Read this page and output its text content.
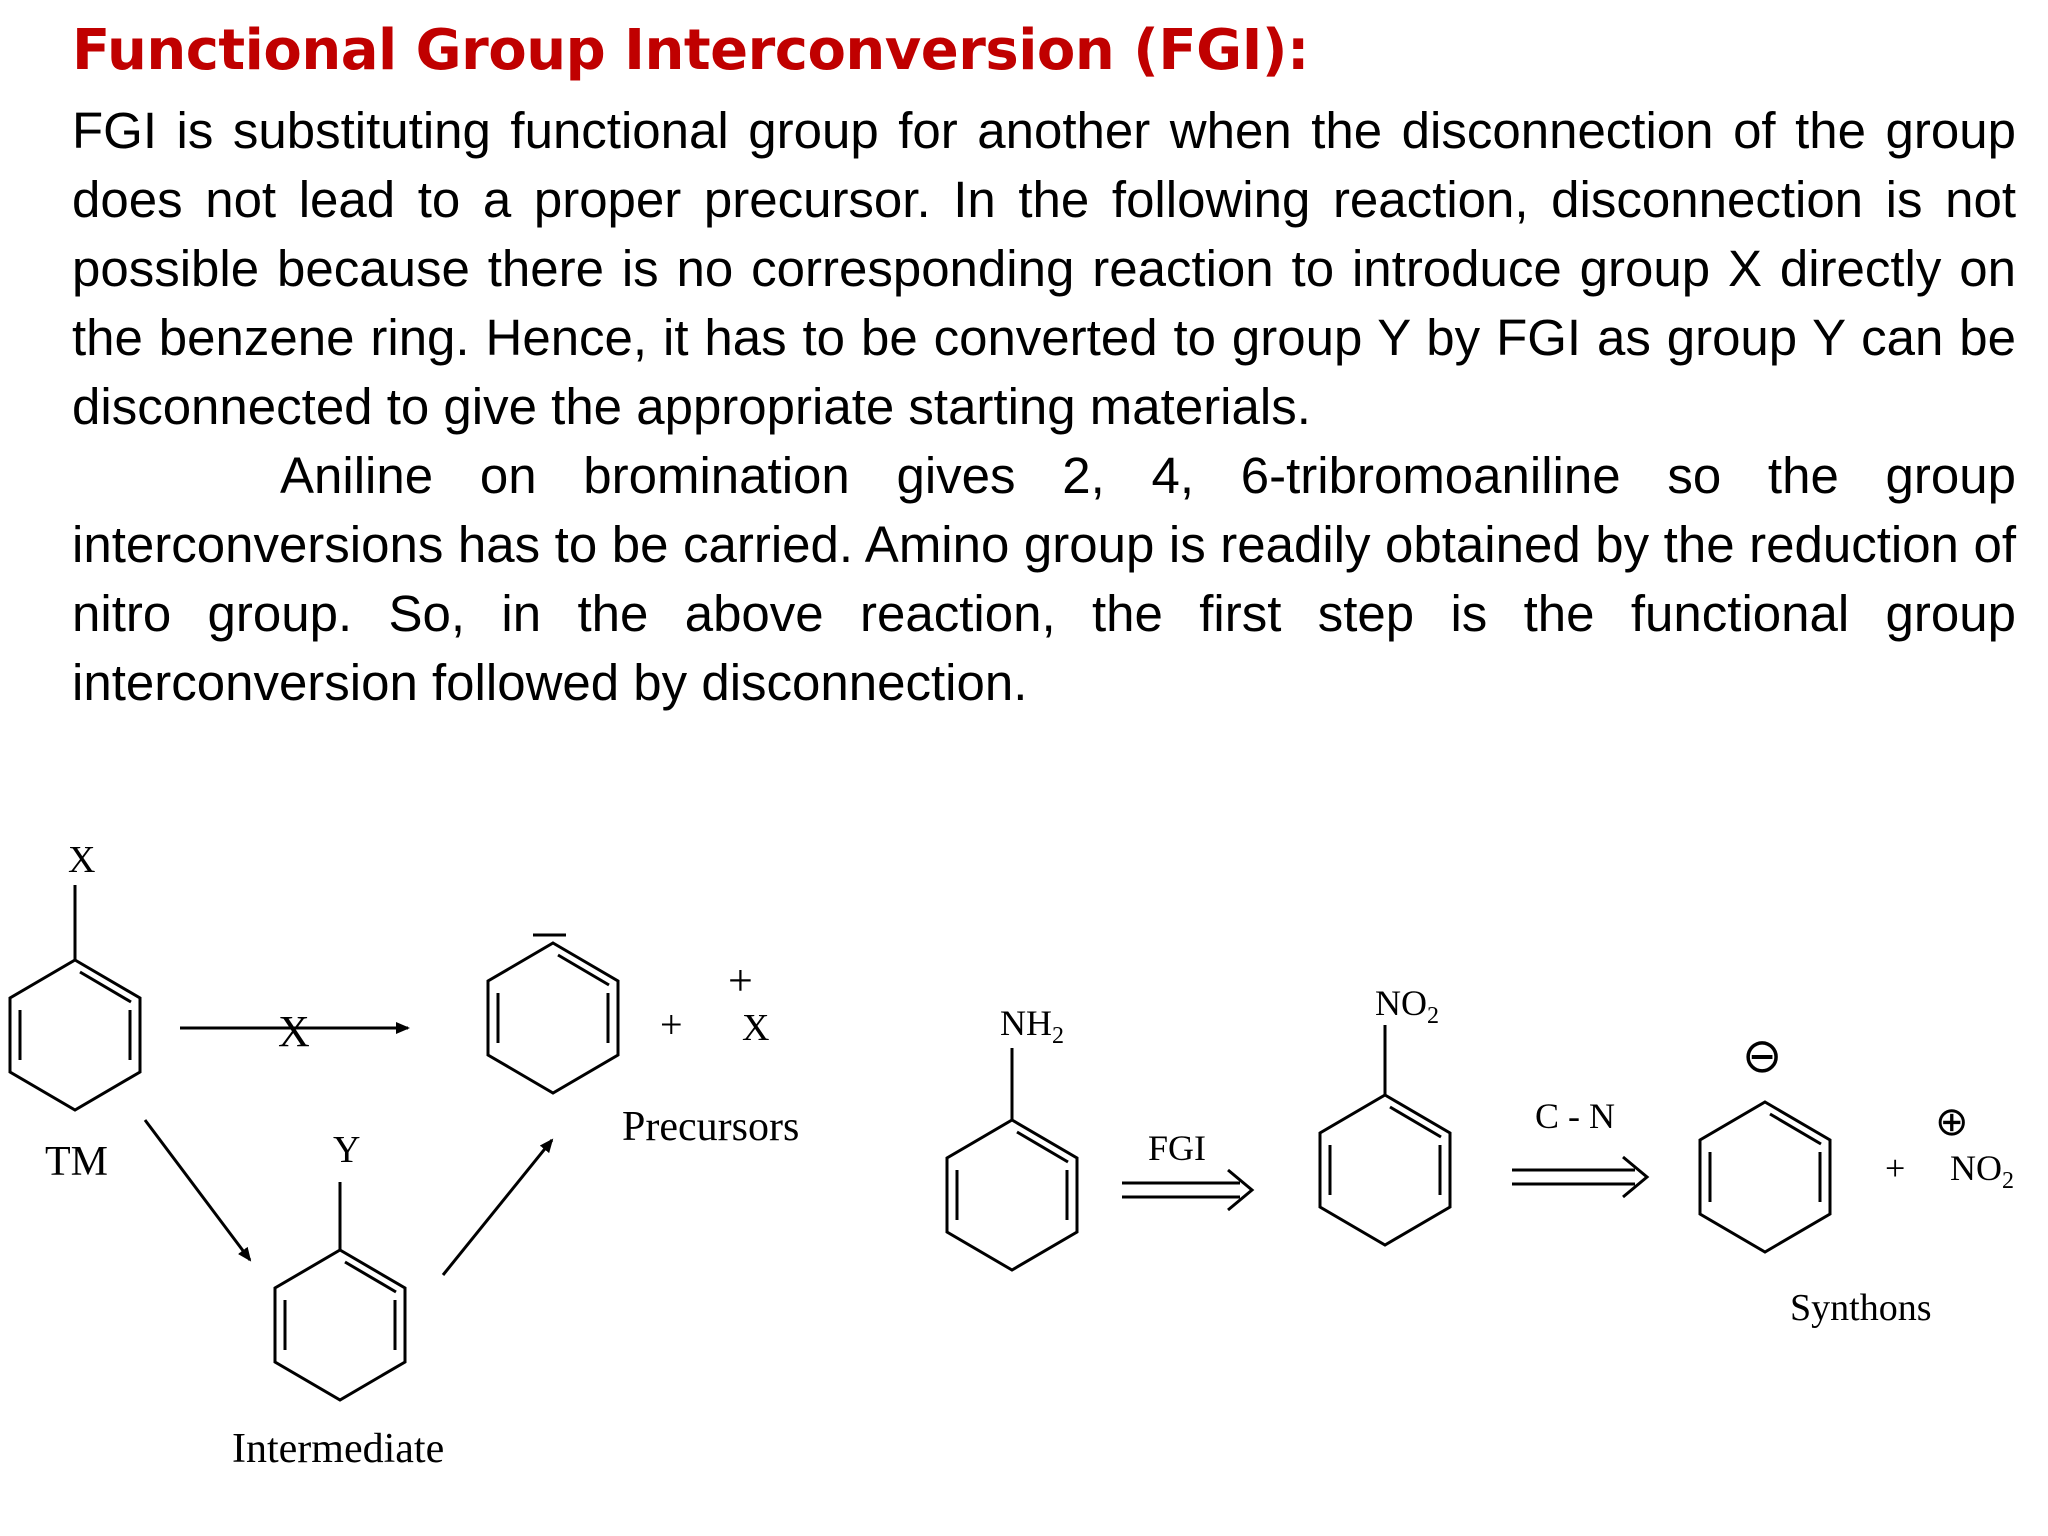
Functional Group Interconversion (FGI):

FGI is substituting functional group for another when the disconnection of the group does not lead to a proper precursor. In the following reaction, disconnection is not possible because there is no corresponding reaction to introduce group X directly on the benzene ring. Hence, it has to be converted to group Y by FGI as group Y can be disconnected to give the appropriate starting materials.

Aniline on bromination gives 2, 4, 6-tribromoaniline so the group interconversions has to be carried. Amino group is readily obtained by the reduction of nitro group. So, in the above reaction, the first step is the functional group interconversion followed by disconnection.

X
TM
X	+
+
X
Precursors
Y
Intermediate
$NH_2$
FGI
$NO_2$
C - N
⊖
+
⊕
$NO_2$
Synthons
